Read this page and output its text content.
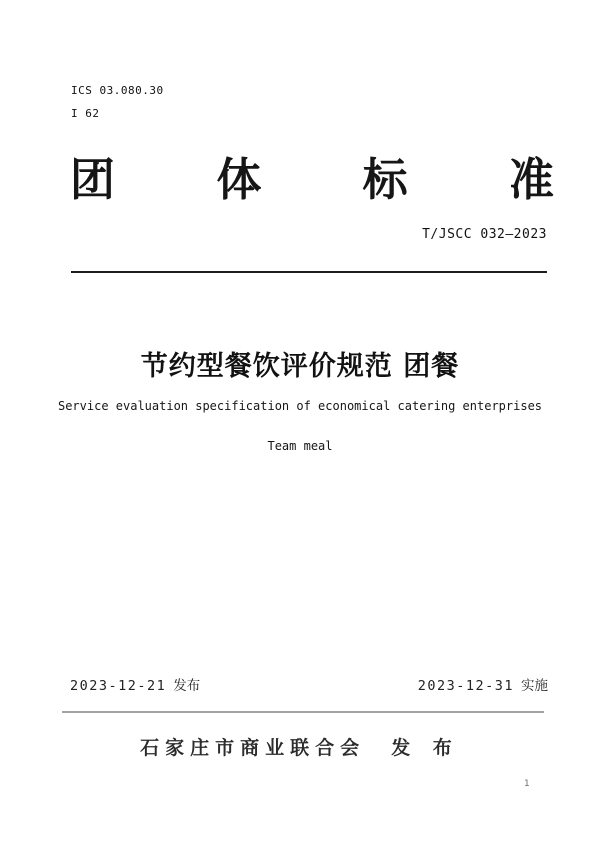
ICS 03.080.30
I 62
团 体 标 准
T/JSCC 032—2023
节约型餐饮评价规范 团餐
Service evaluation specification of economical catering enterprises
Team meal
2023-12-21 发布	2023-12-31 实施
石家庄市商业联合会 发 布
1
